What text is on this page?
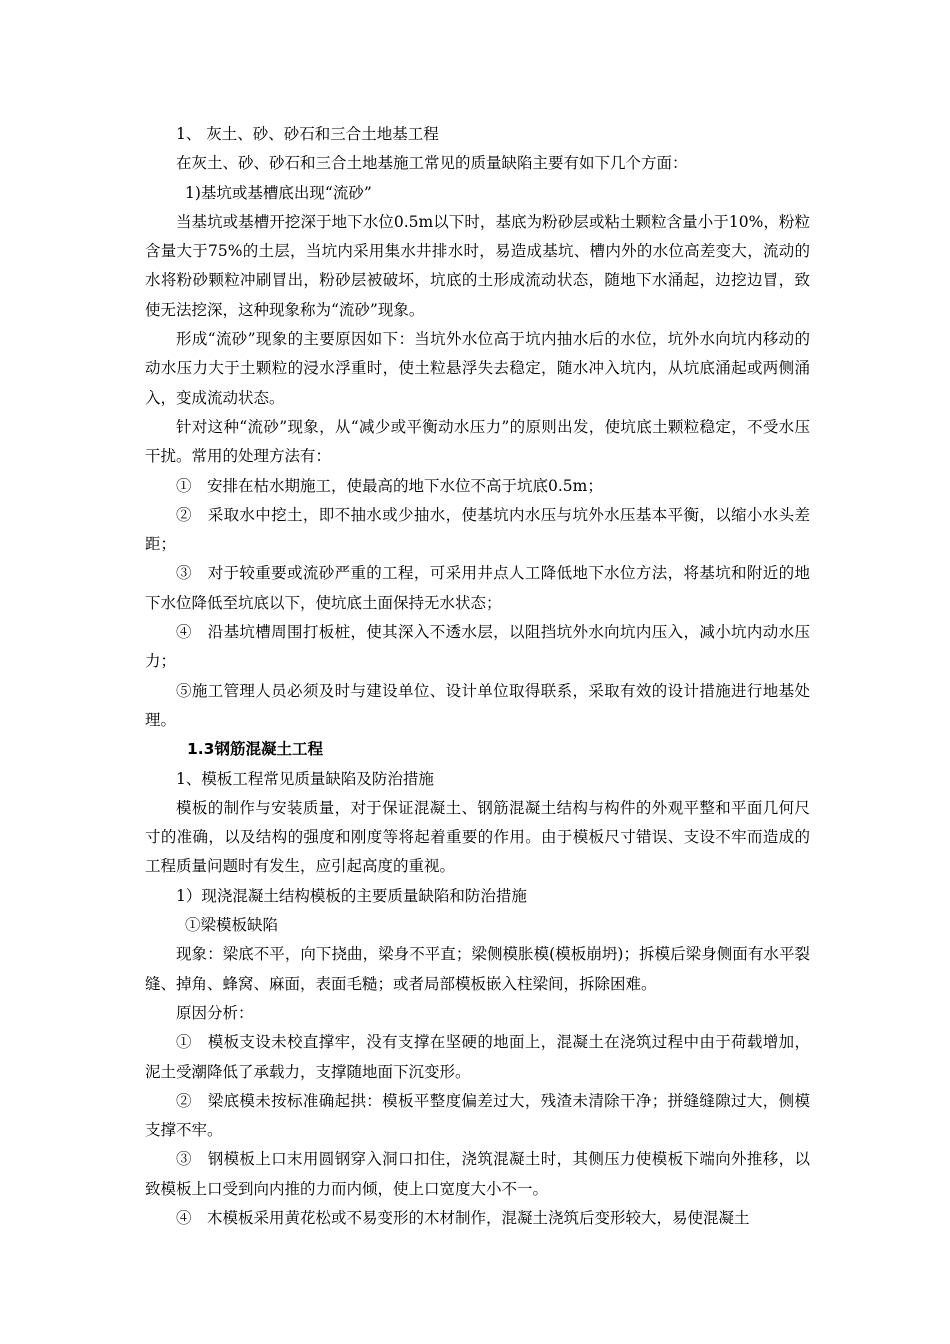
1、 灰土、砂、砂石和三合土地基工程

在灰土、砂、砂石和三合土地基施工常见的质量缺陷主要有如下几个方面：

1)基坑或基槽底出现“流砂”

当基坑或基槽开挖深于地下水位0.5m以下时，基底为粉砂层或粘土颗粒含量小于10%，粉粒含量大于75%的土层，当坑内采用集水井排水时，易造成基坑、槽内外的水位高差变大，流动的水将粉砂颗粒冲刷冒出，粉砂层被破坏，坑底的土形成流动状态，随地下水涌起，边挖边冒，致使无法挖深，这种现象称为“流砂”现象。

形成“流砂”现象的主要原因如下：当坑外水位高于坑内抽水后的水位，坑外水向坑内移动的动水压力大于土颗粒的浸水浮重时，使土粒悬浮失去稳定，随水冲入坑内，从坑底涌起或两侧涌入，变成流动状态。

针对这种“流砂”现象，从“减少或平衡动水压力”的原则出发，使坑底土颗粒稳定，不受水压干扰。常用的处理方法有：

①　安排在枯水期施工，使最高的地下水位不高于坑底0.5m；

②　采取水中挖土，即不抽水或少抽水，使基坑内水压与坑外水压基本平衡，以缩小水头差距；

③　对于较重要或流砂严重的工程，可采用井点人工降低地下水位方法，将基坑和附近的地下水位降低至坑底以下，使坑底土面保持无水状态；

④　沿基坑槽周围打板桩，使其深入不透水层，以阻挡坑外水向坑内压入，减小坑内动水压力；

⑤施工管理人员必须及时与建设单位、设计单位取得联系，采取有效的设计措施进行地基处理。

1.3钢筋混凝土工程

1、模板工程常见质量缺陷及防治措施

模板的制作与安装质量，对于保证混凝土、钢筋混凝土结构与构件的外观平整和平面几何尺寸的准确，以及结构的强度和刚度等将起着重要的作用。由于模板尺寸错误、支设不牢而造成的工程质量问题时有发生，应引起高度的重视。

1）现浇混凝土结构模板的主要质量缺陷和防治措施

①梁模板缺陷

现象：梁底不平，向下挠曲，梁身不平直；梁侧模胀模(模板崩坍)；拆模后梁身侧面有水平裂缝、掉角、蜂窝、麻面，表面毛糙；或者局部模板嵌入柱梁间，拆除困难。

原因分析：

①　模板支设未校直撑牢，没有支撑在坚硬的地面上，混凝土在浇筑过程中由于荷载增加，泥土受潮降低了承载力，支撑随地面下沉变形。

②　梁底模未按标准确起拱：模板平整度偏差过大，残渣未清除干净；拼缝缝隙过大，侧模支撑不牢。

③　钢模板上口末用圆钢穿入洞口扣住，浇筑混凝土时，其侧压力使模板下端向外推移，以致模板上口受到向内推的力而内倾，使上口宽度大小不一。

④　木模板采用黄花松或不易变形的木材制作，混凝土浇筑后变形较大，易使混凝土
